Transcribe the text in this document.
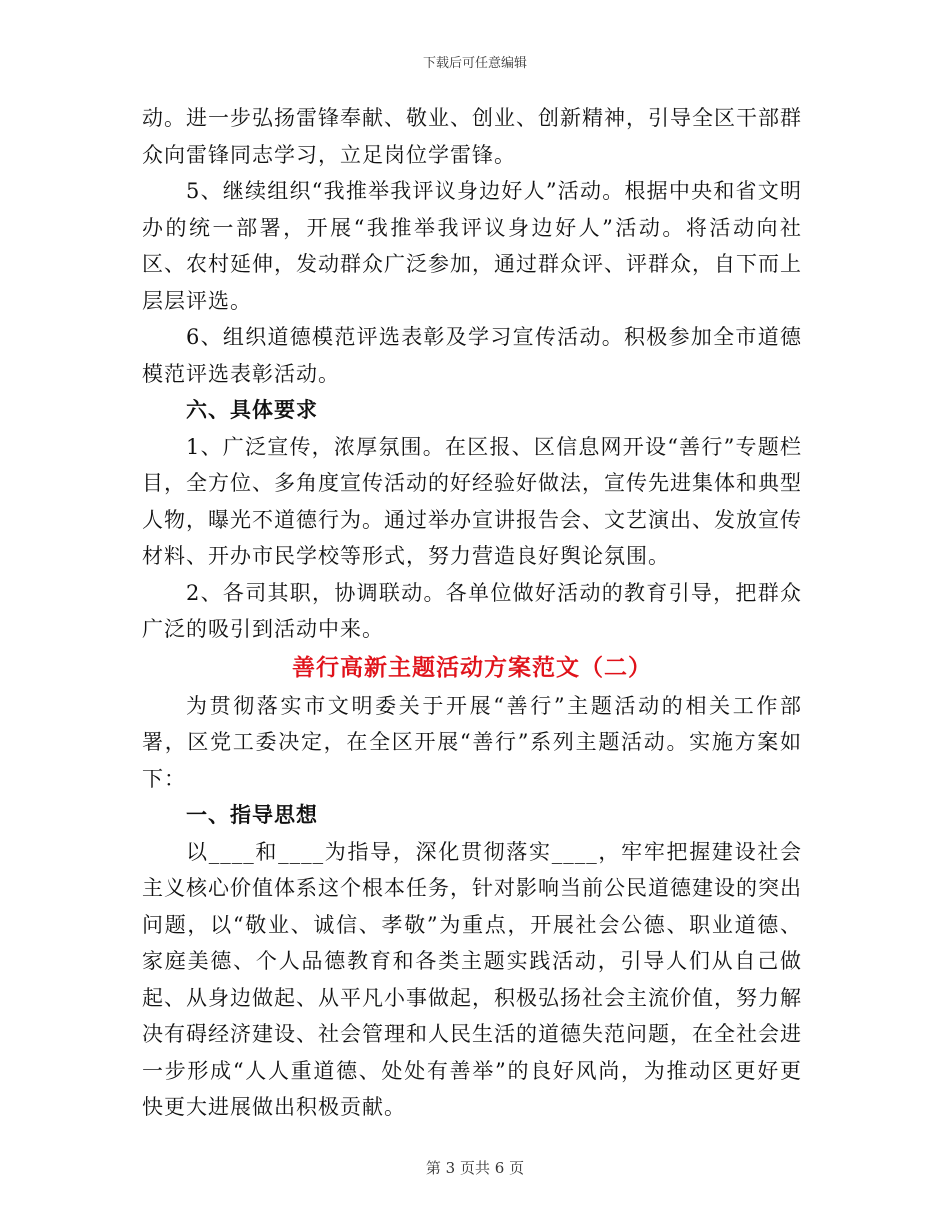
下载后可任意编辑

动。进一步弘扬雷锋奉献、敬业、创业、创新精神，引导全区干部群众向雷锋同志学习，立足岗位学雷锋。

5、继续组织“我推举我评议身边好人”活动。根据中央和省文明办的统一部署，开展“我推举我评议身边好人”活动。将活动向社区、农村延伸，发动群众广泛参加，通过群众评、评群众，自下而上层层评选。

6、组织道德模范评选表彰及学习宣传活动。积极参加全市道德模范评选表彰活动。

六、具体要求

1、广泛宣传，浓厚氛围。在区报、区信息网开设“善行”专题栏目，全方位、多角度宣传活动的好经验好做法，宣传先进集体和典型人物，曝光不道德行为。通过举办宣讲报告会、文艺演出、发放宣传材料、开办市民学校等形式，努力营造良好舆论氛围。

2、各司其职，协调联动。各单位做好活动的教育引导，把群众广泛的吸引到活动中来。

善行高新主题活动方案范文（二）

为贯彻落实市文明委关于开展“善行”主题活动的相关工作部署，区党工委决定，在全区开展“善行”系列主题活动。实施方案如下：

一、指导思想

以____和____为指导，深化贯彻落实____，牢牢把握建设社会主义核心价值体系这个根本任务，针对影响当前公民道德建设的突出问题，以“敬业、诚信、孝敬”为重点，开展社会公德、职业道德、家庭美德、个人品德教育和各类主题实践活动，引导人们从自己做起、从身边做起、从平凡小事做起，积极弘扬社会主流价值，努力解决有碍经济建设、社会管理和人民生活的道德失范问题，在全社会进一步形成“人人重道德、处处有善举”的良好风尚，为推动区更好更快更大进展做出积极贡献。

第 3 页共 6 页
